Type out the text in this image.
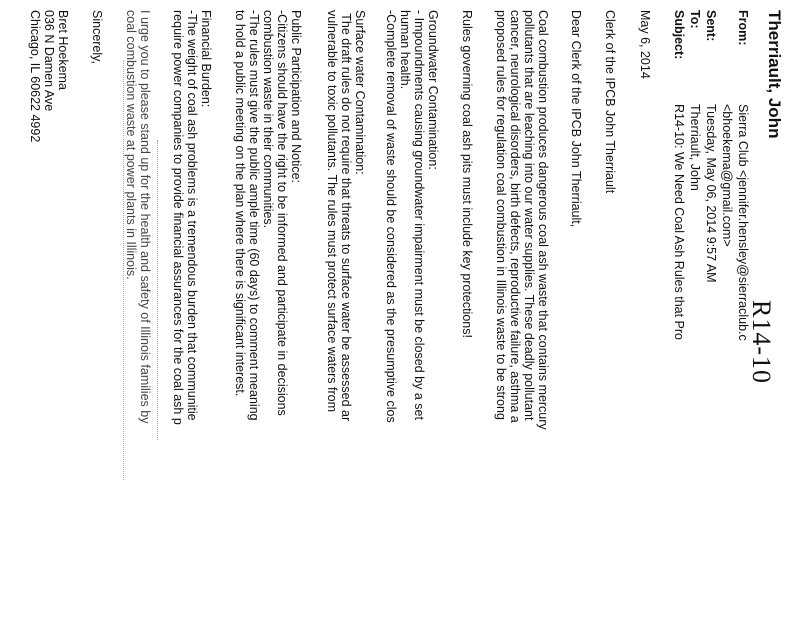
Therriault, John
R14-10
From:Sierra Club <jennifer.hensley@sierraclub.c
<bhoekema@gmail.com>
Sent:Tuesday, May 06, 2014 9:57 AM
To:Therriault, John
Subject:R14-10: We Need Coal Ash Rules that Pro
May 6, 2014
Clerk of the IPCB John Therriault
Dear Clerk of the IPCB John Therriault,
Coal combustion produces dangerous coal ash waste that contains mercury
pollutants that are leaching into our water supplies. These deadly pollutant
cancer, neurological disorders, birth defects, reproductive failure, asthma a
proposed rules for regulation coal combustion in Illinois waste to be strong
Rules governing coal ash pits must include key protections!
Groundwater Contamination:
- Impoundments causing groundwater impairment must be closed by a set
human health.
-Complete removal of waste should be considered as the presumptive clos
Surface water Contamination:
The draft rules do not require that threats to surface water be assessed ar
vulnerable to toxic pollutants. The rules must protect surface waters from
Public Participation and Notice:
-Citizens should have the right to be informed and participate in decisions
combustion waste in their communities.
-The rules must give the public ample time (60 days) to comment meaning
to hold a public meeting on the plan where there is significant interest.
Financial Burden:
-The weight of coal ash problems is a tremendous burden that communitie
require power companies to provide financial assurances for the coal ash p
I urge you to please stand up for the health and safety of Illinois families by
coal combustion waste at power plants in Illinois.
Sincerely,
Bret Hoekema
036 N Damen Ave
Chicago, IL 60622 4992
